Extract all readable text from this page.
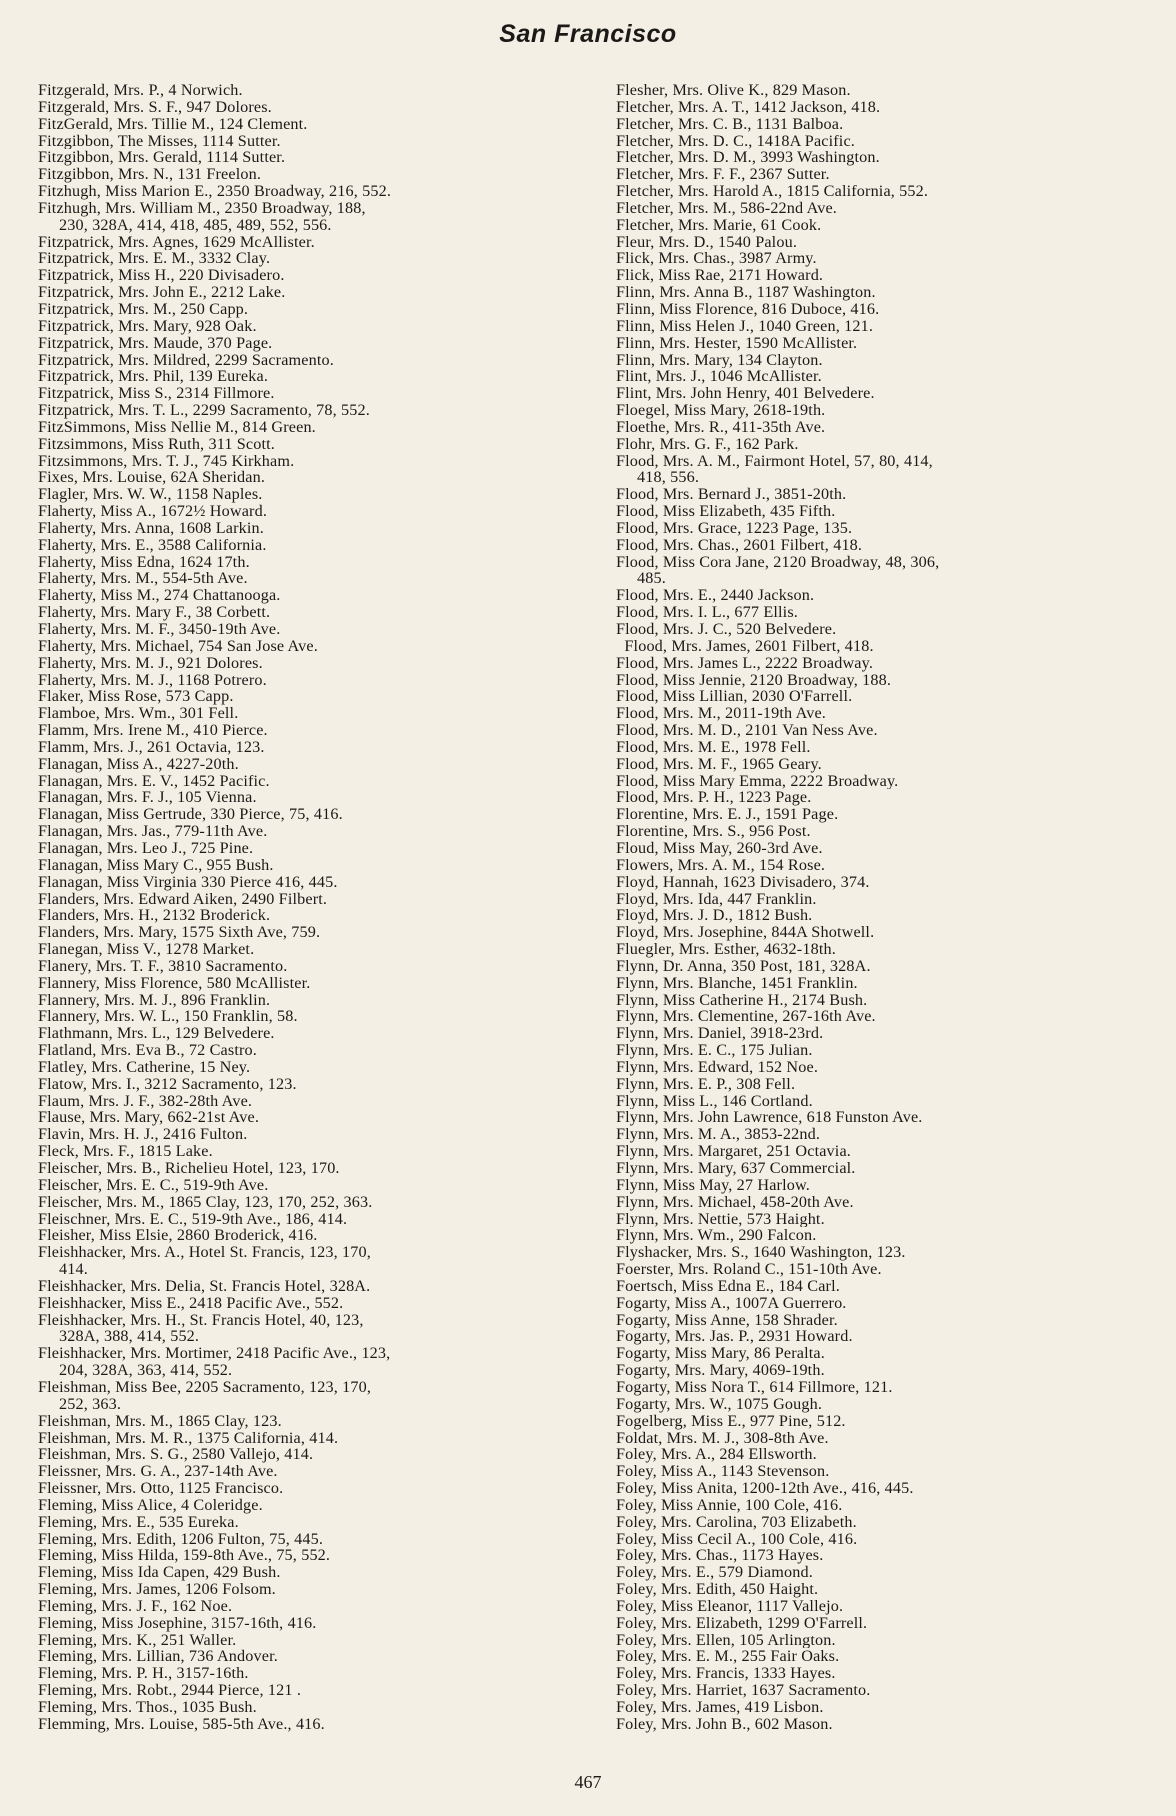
San Francisco
Fitzgerald, Mrs. P., 4 Norwich.
Fitzgerald, Mrs. S. F., 947 Dolores.
FitzGerald, Mrs. Tillie M., 124 Clement.
Fitzgibbon, The Misses, 1114 Sutter.
Fitzgibbon, Mrs. Gerald, 1114 Sutter.
Fitzgibbon, Mrs. N., 131 Freelon.
Fitzhugh, Miss Marion E., 2350 Broadway, 216, 552.
Fitzhugh, Mrs. William M., 2350 Broadway, 188,
230, 328A, 414, 418, 485, 489, 552, 556.
Fitzpatrick, Mrs. Agnes, 1629 McAllister.
Fitzpatrick, Mrs. E. M., 3332 Clay.
Fitzpatrick, Miss H., 220 Divisadero.
Fitzpatrick, Mrs. John E., 2212 Lake.
Fitzpatrick, Mrs. M., 250 Capp.
Fitzpatrick, Mrs. Mary, 928 Oak.
Fitzpatrick, Mrs. Maude, 370 Page.
Fitzpatrick, Mrs. Mildred, 2299 Sacramento.
Fitzpatrick, Mrs. Phil, 139 Eureka.
Fitzpatrick, Miss S., 2314 Fillmore.
Fitzpatrick, Mrs. T. L., 2299 Sacramento, 78, 552.
FitzSimmons, Miss Nellie M., 814 Green.
Fitzsimmons, Miss Ruth, 311 Scott.
Fitzsimmons, Mrs. T. J., 745 Kirkham.
Fixes, Mrs. Louise, 62A Sheridan.
Flagler, Mrs. W. W., 1158 Naples.
Flaherty, Miss A., 1672½ Howard.
Flaherty, Mrs. Anna, 1608 Larkin.
Flaherty, Mrs. E., 3588 California.
Flaherty, Miss Edna, 1624 17th.
Flaherty, Mrs. M., 554-5th Ave.
Flaherty, Miss M., 274 Chattanooga.
Flaherty, Mrs. Mary F., 38 Corbett.
Flaherty, Mrs. M. F., 3450-19th Ave.
Flaherty, Mrs. Michael, 754 San Jose Ave.
Flaherty, Mrs. M. J., 921 Dolores.
Flaherty, Mrs. M. J., 1168 Potrero.
Flaker, Miss Rose, 573 Capp.
Flamboe, Mrs. Wm., 301 Fell.
Flamm, Mrs. Irene M., 410 Pierce.
Flamm, Mrs. J., 261 Octavia, 123.
Flanagan, Miss A., 4227-20th.
Flanagan, Mrs. E. V., 1452 Pacific.
Flanagan, Mrs. F. J., 105 Vienna.
Flanagan, Miss Gertrude, 330 Pierce, 75, 416.
Flanagan, Mrs. Jas., 779-11th Ave.
Flanagan, Mrs. Leo J., 725 Pine.
Flanagan, Miss Mary C., 955 Bush.
Flanagan, Miss Virginia 330 Pierce 416, 445.
Flanders, Mrs. Edward Aiken, 2490 Filbert.
Flanders, Mrs. H., 2132 Broderick.
Flanders, Mrs. Mary, 1575 Sixth Ave, 759.
Flanegan, Miss V., 1278 Market.
Flanery, Mrs. T. F., 3810 Sacramento.
Flannery, Miss Florence, 580 McAllister.
Flannery, Mrs. M. J., 896 Franklin.
Flannery, Mrs. W. L., 150 Franklin, 58.
Flathmann, Mrs. L., 129 Belvedere.
Flatland, Mrs. Eva B., 72 Castro.
Flatley, Mrs. Catherine, 15 Ney.
Flatow, Mrs. I., 3212 Sacramento, 123.
Flaum, Mrs. J. F., 382-28th Ave.
Flause, Mrs. Mary, 662-21st Ave.
Flavin, Mrs. H. J., 2416 Fulton.
Fleck, Mrs. F., 1815 Lake.
Fleischer, Mrs. B., Richelieu Hotel, 123, 170.
Fleischer, Mrs. E. C., 519-9th Ave.
Fleischer, Mrs. M., 1865 Clay, 123, 170, 252, 363.
Fleischner, Mrs. E. C., 519-9th Ave., 186, 414.
Fleisher, Miss Elsie, 2860 Broderick, 416.
Fleishhacker, Mrs. A., Hotel St. Francis, 123, 170,
414.
Fleishhacker, Mrs. Delia, St. Francis Hotel, 328A.
Fleishhacker, Miss E., 2418 Pacific Ave., 552.
Fleishhacker, Mrs. H., St. Francis Hotel, 40, 123,
328A, 388, 414, 552.
Fleishhacker, Mrs. Mortimer, 2418 Pacific Ave., 123,
204, 328A, 363, 414, 552.
Fleishman, Miss Bee, 2205 Sacramento, 123, 170,
252, 363.
Fleishman, Mrs. M., 1865 Clay, 123.
Fleishman, Mrs. M. R., 1375 California, 414.
Fleishman, Mrs. S. G., 2580 Vallejo, 414.
Fleissner, Mrs. G. A., 237-14th Ave.
Fleissner, Mrs. Otto, 1125 Francisco.
Fleming, Miss Alice, 4 Coleridge.
Fleming, Mrs. E., 535 Eureka.
Fleming, Mrs. Edith, 1206 Fulton, 75, 445.
Fleming, Miss Hilda, 159-8th Ave., 75, 552.
Fleming, Miss Ida Capen, 429 Bush.
Fleming, Mrs. James, 1206 Folsom.
Fleming, Mrs. J. F., 162 Noe.
Fleming, Miss Josephine, 3157-16th, 416.
Fleming, Mrs. K., 251 Waller.
Fleming, Mrs. Lillian, 736 Andover.
Fleming, Mrs. P. H., 3157-16th.
Fleming, Mrs. Robt., 2944 Pierce, 121 .
Fleming, Mrs. Thos., 1035 Bush.
Flemming, Mrs. Louise, 585-5th Ave., 416.
Flesher, Mrs. Olive K., 829 Mason.
Fletcher, Mrs. A. T., 1412 Jackson, 418.
Fletcher, Mrs. C. B., 1131 Balboa.
Fletcher, Mrs. D. C., 1418A Pacific.
Fletcher, Mrs. D. M., 3993 Washington.
Fletcher, Mrs. F. F., 2367 Sutter.
Fletcher, Mrs. Harold A., 1815 California, 552.
Fletcher, Mrs. M., 586-22nd Ave.
Fletcher, Mrs. Marie, 61 Cook.
Fleur, Mrs. D., 1540 Palou.
Flick, Mrs. Chas., 3987 Army.
Flick, Miss Rae, 2171 Howard.
Flinn, Mrs. Anna B., 1187 Washington.
Flinn, Miss Florence, 816 Duboce, 416.
Flinn, Miss Helen J., 1040 Green, 121.
Flinn, Mrs. Hester, 1590 McAllister.
Flinn, Mrs. Mary, 134 Clayton.
Flint, Mrs. J., 1046 McAllister.
Flint, Mrs. John Henry, 401 Belvedere.
Floegel, Miss Mary, 2618-19th.
Floethe, Mrs. R., 411-35th Ave.
Flohr, Mrs. G. F., 162 Park.
Flood, Mrs. A. M., Fairmont Hotel, 57, 80, 414,
418, 556.
Flood, Mrs. Bernard J., 3851-20th.
Flood, Miss Elizabeth, 435 Fifth.
Flood, Mrs. Grace, 1223 Page, 135.
Flood, Mrs. Chas., 2601 Filbert, 418.
Flood, Miss Cora Jane, 2120 Broadway, 48, 306,
485.
Flood, Mrs. E., 2440 Jackson.
Flood, Mrs. I. L., 677 Ellis.
Flood, Mrs. J. C., 520 Belvedere.
Flood, Mrs. James, 2601 Filbert, 418.
Flood, Mrs. James L., 2222 Broadway.
Flood, Miss Jennie, 2120 Broadway, 188.
Flood, Miss Lillian, 2030 O'Farrell.
Flood, Mrs. M., 2011-19th Ave.
Flood, Mrs. M. D., 2101 Van Ness Ave.
Flood, Mrs. M. E., 1978 Fell.
Flood, Mrs. M. F., 1965 Geary.
Flood, Miss Mary Emma, 2222 Broadway.
Flood, Mrs. P. H., 1223 Page.
Florentine, Mrs. E. J., 1591 Page.
Florentine, Mrs. S., 956 Post.
Floud, Miss May, 260-3rd Ave.
Flowers, Mrs. A. M., 154 Rose.
Floyd, Hannah, 1623 Divisadero, 374.
Floyd, Mrs. Ida, 447 Franklin.
Floyd, Mrs. J. D., 1812 Bush.
Floyd, Mrs. Josephine, 844A Shotwell.
Fluegler, Mrs. Esther, 4632-18th.
Flynn, Dr. Anna, 350 Post, 181, 328A.
Flynn, Mrs. Blanche, 1451 Franklin.
Flynn, Miss Catherine H., 2174 Bush.
Flynn, Mrs. Clementine, 267-16th Ave.
Flynn, Mrs. Daniel, 3918-23rd.
Flynn, Mrs. E. C., 175 Julian.
Flynn, Mrs. Edward, 152 Noe.
Flynn, Mrs. E. P., 308 Fell.
Flynn, Miss L., 146 Cortland.
Flynn, Mrs. John Lawrence, 618 Funston Ave.
Flynn, Mrs. M. A., 3853-22nd.
Flynn, Mrs. Margaret, 251 Octavia.
Flynn, Mrs. Mary, 637 Commercial.
Flynn, Miss May, 27 Harlow.
Flynn, Mrs. Michael, 458-20th Ave.
Flynn, Mrs. Nettie, 573 Haight.
Flynn, Mrs. Wm., 290 Falcon.
Flyshacker, Mrs. S., 1640 Washington, 123.
Foerster, Mrs. Roland C., 151-10th Ave.
Foertsch, Miss Edna E., 184 Carl.
Fogarty, Miss A., 1007A Guerrero.
Fogarty, Miss Anne, 158 Shrader.
Fogarty, Mrs. Jas. P., 2931 Howard.
Fogarty, Miss Mary, 86 Peralta.
Fogarty, Mrs. Mary, 4069-19th.
Fogarty, Miss Nora T., 614 Fillmore, 121.
Fogarty, Mrs. W., 1075 Gough.
Fogelberg, Miss E., 977 Pine, 512.
Foldat, Mrs. M. J., 308-8th Ave.
Foley, Mrs. A., 284 Ellsworth.
Foley, Miss A., 1143 Stevenson.
Foley, Miss Anita, 1200-12th Ave., 416, 445.
Foley, Miss Annie, 100 Cole, 416.
Foley, Mrs. Carolina, 703 Elizabeth.
Foley, Miss Cecil A., 100 Cole, 416.
Foley, Mrs. Chas., 1173 Hayes.
Foley, Mrs. E., 579 Diamond.
Foley, Mrs. Edith, 450 Haight.
Foley, Miss Eleanor, 1117 Vallejo.
Foley, Mrs. Elizabeth, 1299 O'Farrell.
Foley, Mrs. Ellen, 105 Arlington.
Foley, Mrs. E. M., 255 Fair Oaks.
Foley, Mrs. Francis, 1333 Hayes.
Foley, Mrs. Harriet, 1637 Sacramento.
Foley, Mrs. James, 419 Lisbon.
Foley, Mrs. John B., 602 Mason.
467
